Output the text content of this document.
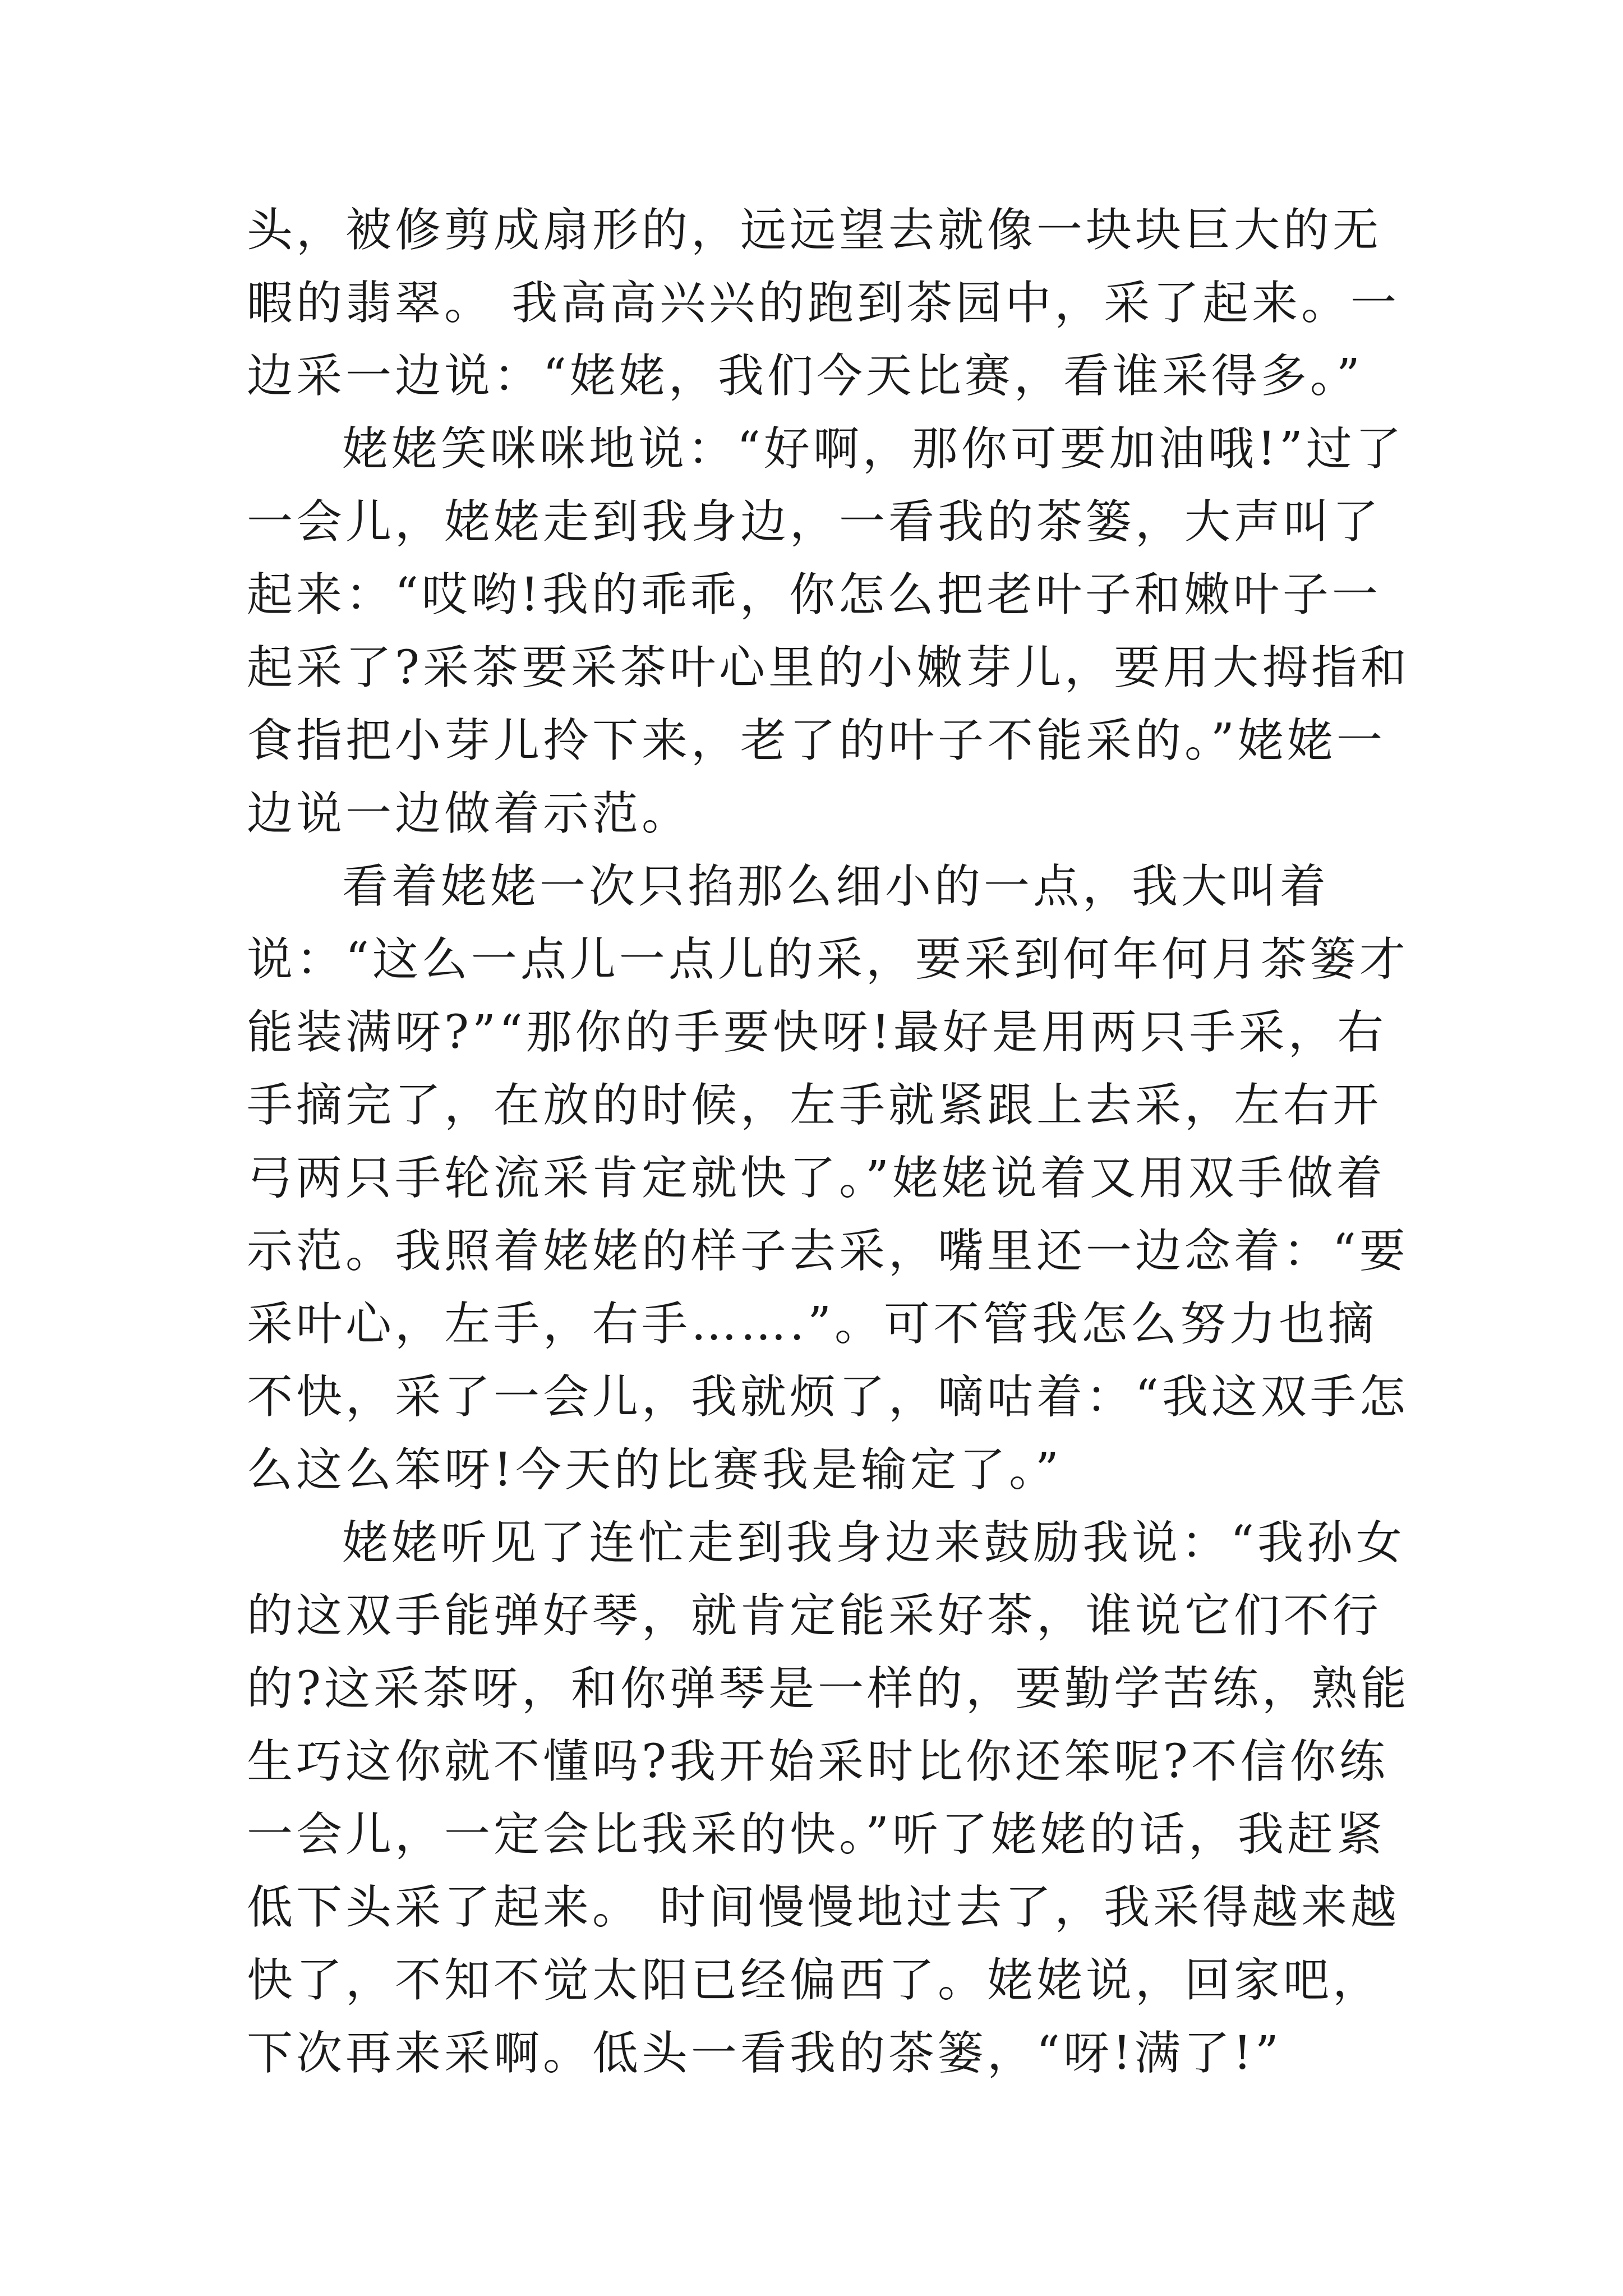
头，被修剪成扇形的，远远望去就像一块块巨大的无暇的翡翠。 我高高兴兴的跑到茶园中，采了起来。一边采一边说：“姥姥，我们今天比赛，看谁采得多。”

姥姥笑咪咪地说：“好啊，那你可要加油哦!”过了一会儿，姥姥走到我身边，一看我的茶篓，大声叫了起来：“哎哟!我的乖乖，你怎么把老叶子和嫩叶子一起采了?采茶要采茶叶心里的小嫩芽儿，要用大拇指和食指把小芽儿拎下来，老了的叶子不能采的。”姥姥一边说一边做着示范。

看着姥姥一次只掐那么细小的一点，我大叫着说：“这么一点儿一点儿的采，要采到何年何月茶篓才能装满呀?”“那你的手要快呀!最好是用两只手采，右手摘完了，在放的时候，左手就紧跟上去采，左右开弓两只手轮流采肯定就快了。”姥姥说着又用双手做着示范。我照着姥姥的样子去采，嘴里还一边念着：“要采叶心，左手，右手…….”。可不管我怎么努力也摘不快，采了一会儿，我就烦了，嘀咕着：“我这双手怎么这么笨呀!今天的比赛我是输定了。”

姥姥听见了连忙走到我身边来鼓励我说：“我孙女的这双手能弹好琴，就肯定能采好茶，谁说它们不行的?这采茶呀，和你弹琴是一样的，要勤学苦练，熟能生巧这你就不懂吗?我开始采时比你还笨呢?不信你练一会儿，一定会比我采的快。”听了姥姥的话，我赶紧低下头采了起来。 时间慢慢地过去了，我采得越来越快了，不知不觉太阳已经偏西了。姥姥说，回家吧，下次再来采啊。低头一看我的茶篓，“呀!满了!”
